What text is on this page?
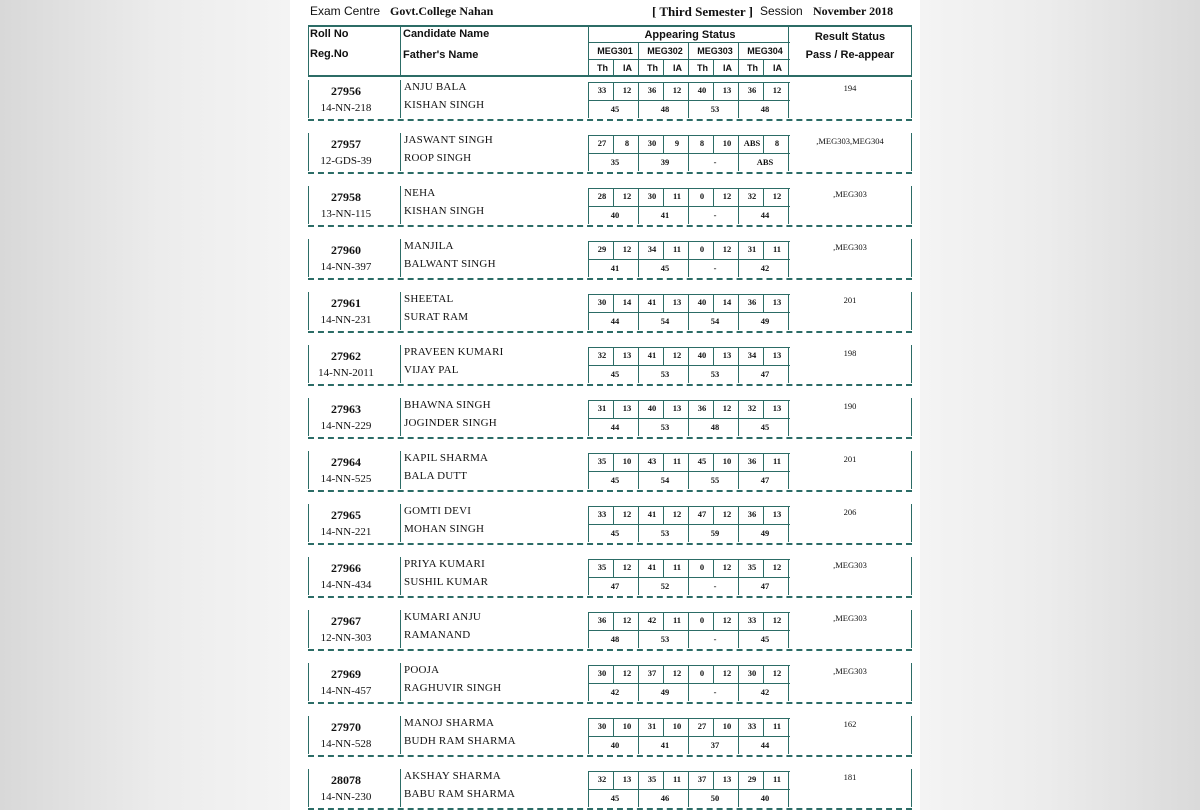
Exam Centre Govt.College Nahan	[ Third Semester ] Session November 2018
Roll No
Reg.No
Candidate Name
Father's Name
Appearing Status	Result Status
Pass / Re-appear
MEG301	MEG302	MEG303	MEG304
Th	IA	Th	IA	Th	IA	Th	IA
27956
14-NN-218
ANJU BALA
KISHAN SINGH
33	12	36	12	40	13	36	12
45	48	53	48
194
27957
12-GDS-39
JASWANT SINGH
ROOP SINGH
27	8	30	9	8	10	ABS	8
35	39	-	ABS
,MEG303,MEG304
27958
13-NN-115
NEHA
KISHAN SINGH
28	12	30	11	0	12	32	12
40	41	-	44
,MEG303
27960
14-NN-397
MANJILA
BALWANT SINGH
29	12	34	11	0	12	31	11
41	45	-	42
,MEG303
27961
14-NN-231
SHEETAL
SURAT RAM
30	14	41	13	40	14	36	13
44	54	54	49
201
27962
14-NN-2011
PRAVEEN KUMARI
VIJAY PAL
32	13	41	12	40	13	34	13
45	53	53	47
198
27963
14-NN-229
BHAWNA SINGH
JOGINDER SINGH
31	13	40	13	36	12	32	13
44	53	48	45
190
27964
14-NN-525
KAPIL SHARMA
BALA DUTT
35	10	43	11	45	10	36	11
45	54	55	47
201
27965
14-NN-221
GOMTI DEVI
MOHAN SINGH
33	12	41	12	47	12	36	13
45	53	59	49
206
27966
14-NN-434
PRIYA KUMARI
SUSHIL KUMAR
35	12	41	11	0	12	35	12
47	52	-	47
,MEG303
27967
12-NN-303
KUMARI ANJU
RAMANAND
36	12	42	11	0	12	33	12
48	53	-	45
,MEG303
27969
14-NN-457
POOJA
RAGHUVIR SINGH
30	12	37	12	0	12	30	12
42	49	-	42
,MEG303
27970
14-NN-528
MANOJ SHARMA
BUDH RAM SHARMA
30	10	31	10	27	10	33	11
40	41	37	44
162
28078
14-NN-230
AKSHAY SHARMA
BABU RAM SHARMA
32	13	35	11	37	13	29	11
45	46	50	40
181
